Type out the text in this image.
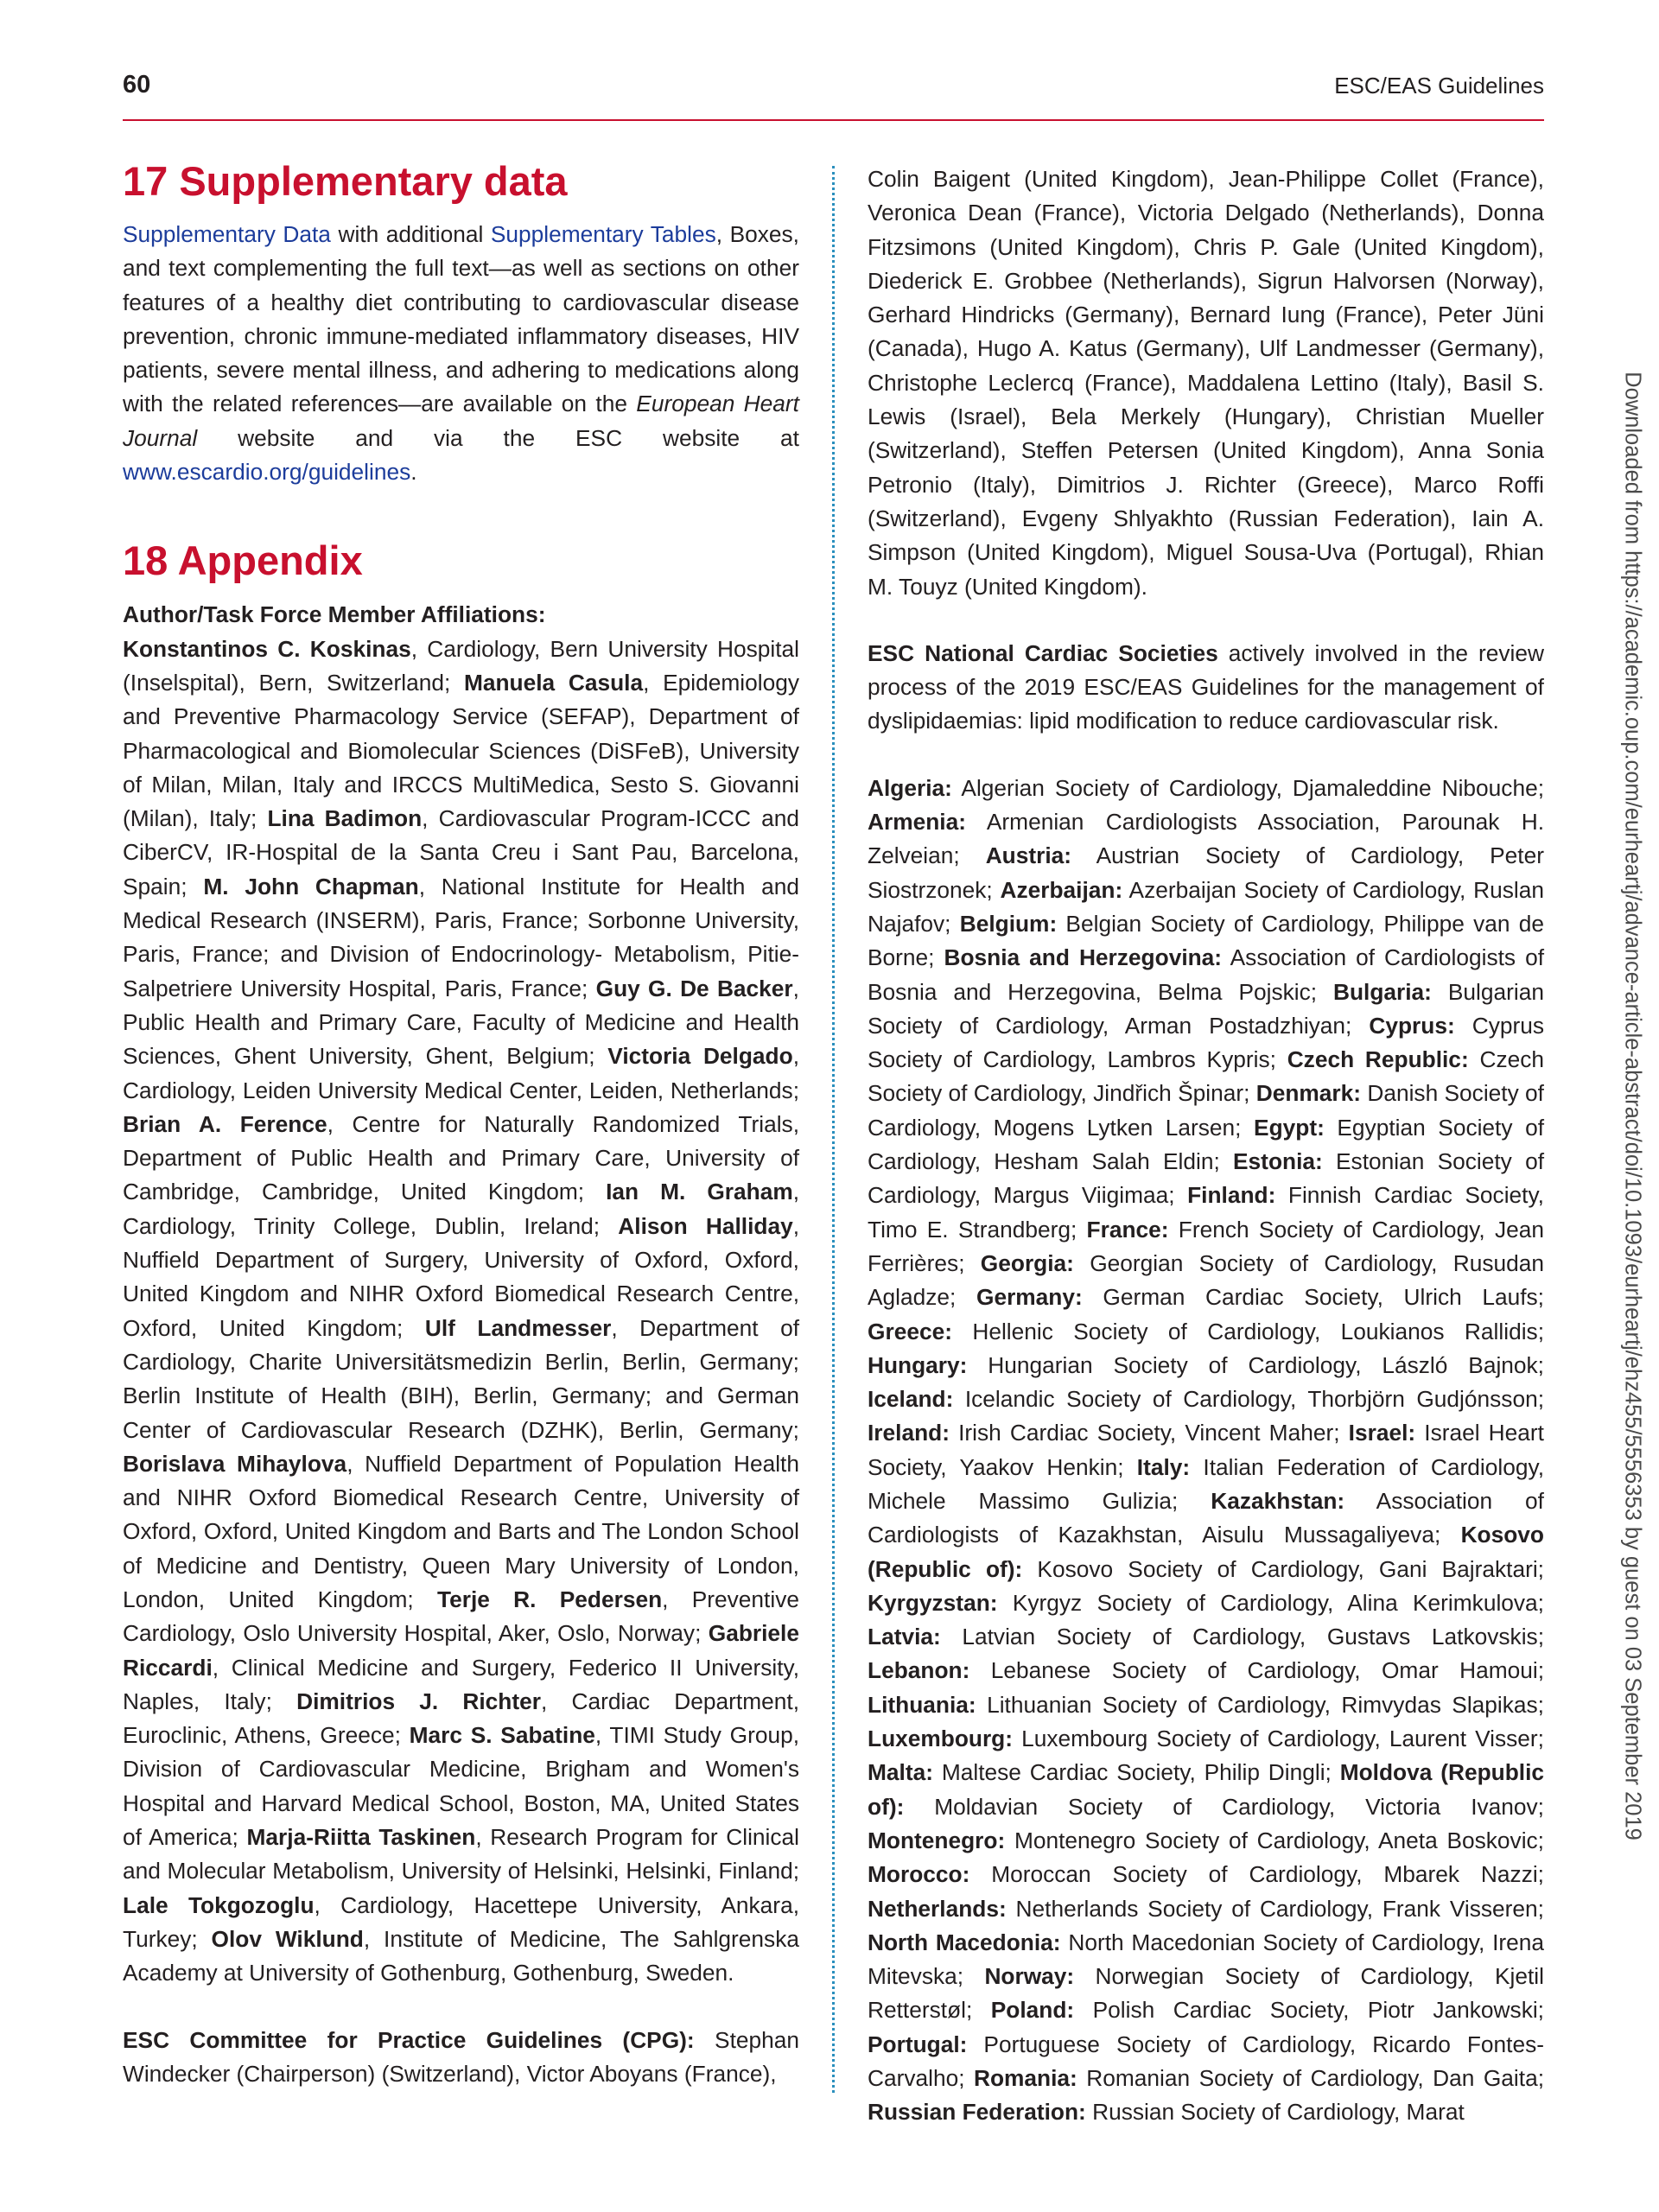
60	ESC/EAS Guidelines
Downloaded from https://academic.oup.com/eurheartj/advance-article-abstract/doi/10.1093/eurheartj/ehz455/5556353 by guest on 03 September 2019
17 Supplementary data

Supplementary Data with additional Supplementary Tables, Boxes, and text complementing the full text—as well as sections on other features of a healthy diet contributing to cardiovascular disease prevention, chronic immune-mediated inflammatory diseases, HIV patients, severe mental illness, and adhering to medications along with the related references—are available on the European Heart Journal website and via the ESC website at www.escardio.org/guidelines.

18 Appendix

Author/Task Force Member Affiliations:

Konstantinos C. Koskinas, Cardiology, Bern University Hospital (Inselspital), Bern, Switzerland; Manuela Casula, Epidemiology and Preventive Pharmacology Service (SEFAP), Department of Pharmacological and Biomolecular Sciences (DiSFeB), University of Milan, Milan, Italy and IRCCS MultiMedica, Sesto S. Giovanni (Milan), Italy; Lina Badimon, Cardiovascular Program-ICCC and CiberCV, IR-Hospital de la Santa Creu i Sant Pau, Barcelona, Spain; M. John Chapman, National Institute for Health and Medical Research (INSERM), Paris, France; Sorbonne University, Paris, France; and Division of Endocrinology- Metabolism, Pitie-Salpetriere University Hospital, Paris, France; Guy G. De Backer, Public Health and Primary Care, Faculty of Medicine and Health Sciences, Ghent University, Ghent, Belgium; Victoria Delgado, Cardiology, Leiden University Medical Center, Leiden, Netherlands; Brian A. Ference, Centre for Naturally Randomized Trials, Department of Public Health and Primary Care, University of Cambridge, Cambridge, United Kingdom; Ian M. Graham, Cardiology, Trinity College, Dublin, Ireland; Alison Halliday, Nuffield Department of Surgery, University of Oxford, Oxford, United Kingdom and NIHR Oxford Biomedical Research Centre, Oxford, United Kingdom; Ulf Landmesser, Department of Cardiology, Charite Universitätsmedizin Berlin, Berlin, Germany; Berlin Institute of Health (BIH), Berlin, Germany; and German Center of Cardiovascular Research (DZHK), Berlin, Germany; Borislava Mihaylova, Nuffield Department of Population Health and NIHR Oxford Biomedical Research Centre, University of Oxford, Oxford, United Kingdom and Barts and The London School of Medicine and Dentistry, Queen Mary University of London, London, United Kingdom; Terje R. Pedersen, Preventive Cardiology, Oslo University Hospital, Aker, Oslo, Norway; Gabriele Riccardi, Clinical Medicine and Surgery, Federico II University, Naples, Italy; Dimitrios J. Richter, Cardiac Department, Euroclinic, Athens, Greece; Marc S. Sabatine, TIMI Study Group, Division of Cardiovascular Medicine, Brigham and Women's Hospital and Harvard Medical School, Boston, MA, United States of America; Marja-Riitta Taskinen, Research Program for Clinical and Molecular Metabolism, University of Helsinki, Helsinki, Finland; Lale Tokgozoglu, Cardiology, Hacettepe University, Ankara, Turkey; Olov Wiklund, Institute of Medicine, The Sahlgrenska Academy at University of Gothenburg, Gothenburg, Sweden.

ESC Committee for Practice Guidelines (CPG): Stephan Windecker (Chairperson) (Switzerland), Victor Aboyans (France),

Colin Baigent (United Kingdom), Jean-Philippe Collet (France), Veronica Dean (France), Victoria Delgado (Netherlands), Donna Fitzsimons (United Kingdom), Chris P. Gale (United Kingdom), Diederick E. Grobbee (Netherlands), Sigrun Halvorsen (Norway), Gerhard Hindricks (Germany), Bernard Iung (France), Peter Jüni (Canada), Hugo A. Katus (Germany), Ulf Landmesser (Germany), Christophe Leclercq (France), Maddalena Lettino (Italy), Basil S. Lewis (Israel), Bela Merkely (Hungary), Christian Mueller (Switzerland), Steffen Petersen (United Kingdom), Anna Sonia Petronio (Italy), Dimitrios J. Richter (Greece), Marco Roffi (Switzerland), Evgeny Shlyakhto (Russian Federation), Iain A. Simpson (United Kingdom), Miguel Sousa-Uva (Portugal), Rhian M. Touyz (United Kingdom).

ESC National Cardiac Societies actively involved in the review process of the 2019 ESC/EAS Guidelines for the management of dyslipidaemias: lipid modification to reduce cardiovascular risk.

Algeria: Algerian Society of Cardiology, Djamaleddine Nibouche; Armenia: Armenian Cardiologists Association, Parounak H. Zelveian; Austria: Austrian Society of Cardiology, Peter Siostrzonek; Azerbaijan: Azerbaijan Society of Cardiology, Ruslan Najafov; Belgium: Belgian Society of Cardiology, Philippe van de Borne; Bosnia and Herzegovina: Association of Cardiologists of Bosnia and Herzegovina, Belma Pojskic; Bulgaria: Bulgarian Society of Cardiology, Arman Postadzhiyan; Cyprus: Cyprus Society of Cardiology, Lambros Kypris; Czech Republic: Czech Society of Cardiology, Jindřich Špinar; Denmark: Danish Society of Cardiology, Mogens Lytken Larsen; Egypt: Egyptian Society of Cardiology, Hesham Salah Eldin; Estonia: Estonian Society of Cardiology, Margus Viigimaa; Finland: Finnish Cardiac Society, Timo E. Strandberg; France: French Society of Cardiology, Jean Ferrières; Georgia: Georgian Society of Cardiology, Rusudan Agladze; Germany: German Cardiac Society, Ulrich Laufs; Greece: Hellenic Society of Cardiology, Loukianos Rallidis; Hungary: Hungarian Society of Cardiology, László Bajnok; Iceland: Icelandic Society of Cardiology, Thorbjörn Gudjónsson; Ireland: Irish Cardiac Society, Vincent Maher; Israel: Israel Heart Society, Yaakov Henkin; Italy: Italian Federation of Cardiology, Michele Massimo Gulizia; Kazakhstan: Association of Cardiologists of Kazakhstan, Aisulu Mussagaliyeva; Kosovo (Republic of): Kosovo Society of Cardiology, Gani Bajraktari; Kyrgyzstan: Kyrgyz Society of Cardiology, Alina Kerimkulova; Latvia: Latvian Society of Cardiology, Gustavs Latkovskis; Lebanon: Lebanese Society of Cardiology, Omar Hamoui; Lithuania: Lithuanian Society of Cardiology, Rimvydas Slapikas; Luxembourg: Luxembourg Society of Cardiology, Laurent Visser; Malta: Maltese Cardiac Society, Philip Dingli; Moldova (Republic of): Moldavian Society of Cardiology, Victoria Ivanov; Montenegro: Montenegro Society of Cardiology, Aneta Boskovic; Morocco: Moroccan Society of Cardiology, Mbarek Nazzi; Netherlands: Netherlands Society of Cardiology, Frank Visseren; North Macedonia: North Macedonian Society of Cardiology, Irena Mitevska; Norway: Norwegian Society of Cardiology, Kjetil Retterstøl; Poland: Polish Cardiac Society, Piotr Jankowski; Portugal: Portuguese Society of Cardiology, Ricardo Fontes-Carvalho; Romania: Romanian Society of Cardiology, Dan Gaita; Russian Federation: Russian Society of Cardiology, Marat
